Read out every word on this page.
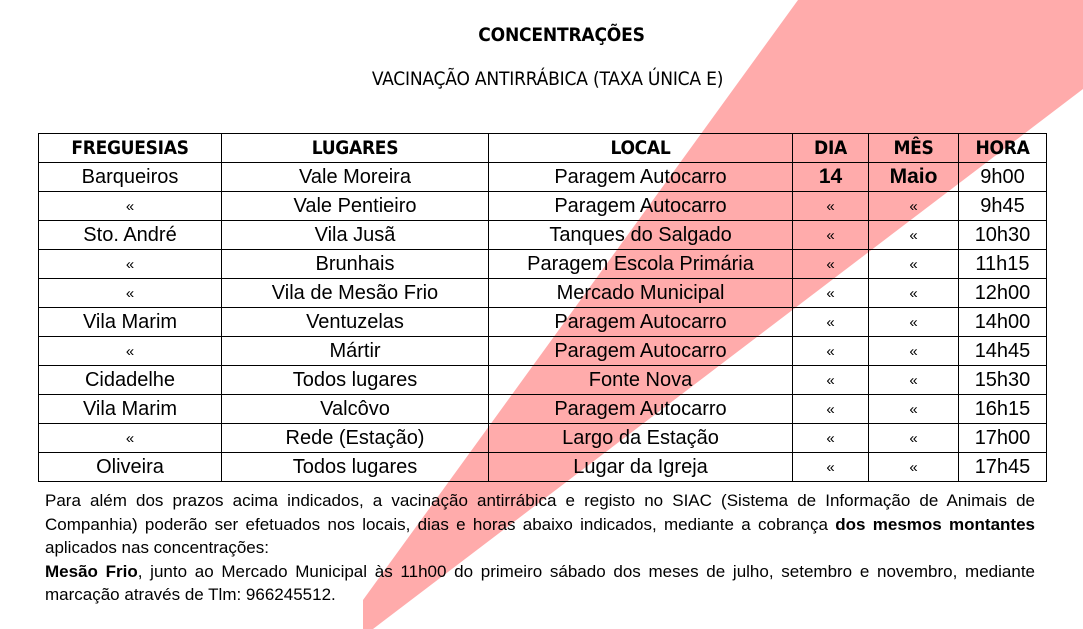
CONCENTRAÇÕES
VACINAÇÃO ANTIRRÁBICA (TAXA ÚNICA E)
FREGUESIAS	LUGARES	LOCAL	DIA	MÊS	HORA
Barqueiros	Vale Moreira	Paragem Autocarro	14	Maio	9h00
«	Vale Pentieiro	Paragem Autocarro	«	«	9h45
Sto. André	Vila Jusã	Tanques do Salgado	«	«	10h30
«	Brunhais	Paragem Escola Primária	«	«	11h15
«	Vila de Mesão Frio	Mercado Municipal	«	«	12h00
Vila Marim	Ventuzelas	Paragem Autocarro	«	«	14h00
«	Mártir	Paragem Autocarro	«	«	14h45
Cidadelhe	Todos lugares	Fonte Nova	«	«	15h30
Vila Marim	Valcôvo	Paragem Autocarro	«	«	16h15
«	Rede (Estação)	Largo da Estação	«	«	17h00
Oliveira	Todos lugares	Lugar da Igreja	«	«	17h45

Para além dos prazos acima indicados, a vacinação antirrábica e registo no SIAC (Sistema de Informação de Animais de Companhia) poderão ser efetuados nos locais, dias e horas abaixo indicados, mediante a cobrança dos mesmos montantes aplicados nas concentrações:

Mesão Frio, junto ao Mercado Municipal às 11h00 do primeiro sábado dos meses de julho, setembro e novembro, mediante marcação através de Tlm: 966245512.
